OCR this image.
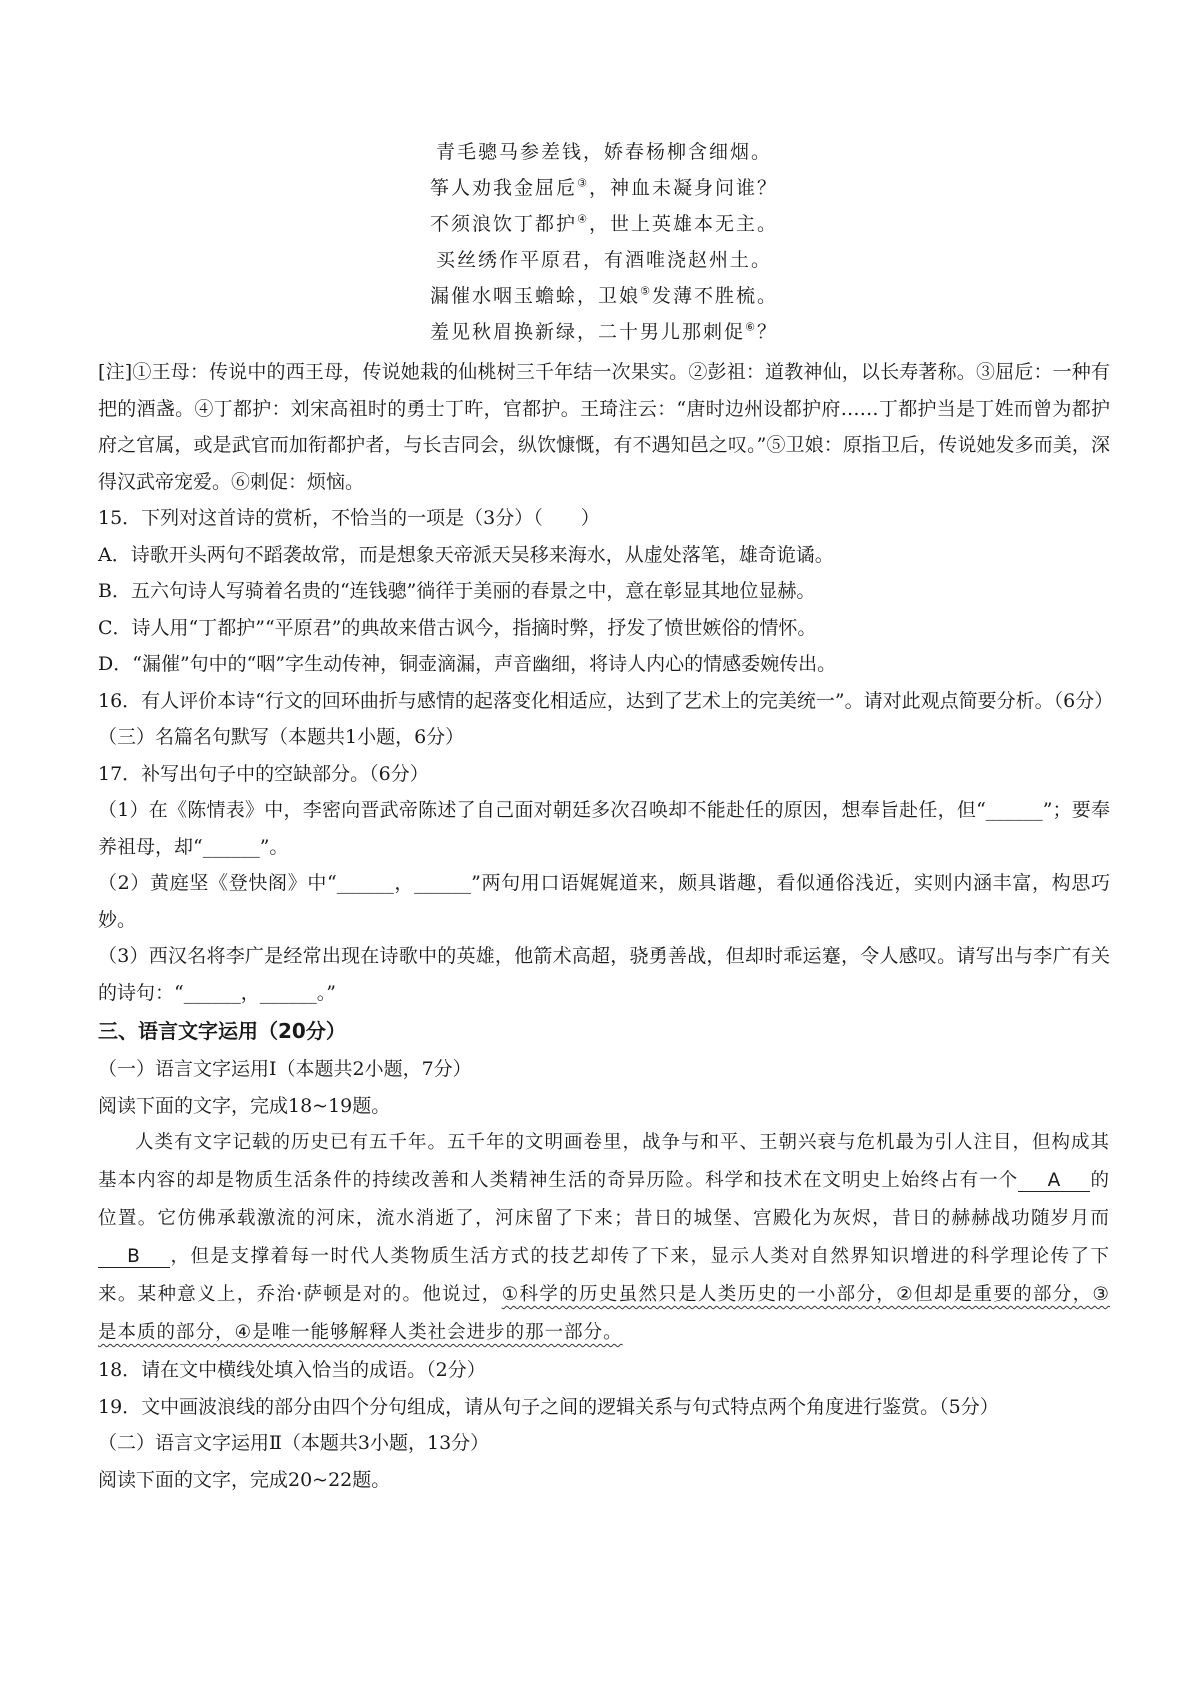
青毛骢马参差钱，娇春杨柳含细烟。
筝人劝我金屈卮③，神血未凝身问谁？
不须浪饮丁都护④，世上英雄本无主。
买丝绣作平原君，有酒唯浇赵州土。
漏催水咽玉蟾蜍，卫娘⑤发薄不胜梳。
羞见秋眉换新绿，二十男儿那刺促⑥？
[注]①王母：传说中的西王母，传说她栽的仙桃树三千年结一次果实。②彭祖：道教神仙，以长寿著称。③屈卮：一种有把的酒盏。④丁都护：刘宋高祖时的勇士丁旿，官都护。王琦注云：“唐时边州设都护府……丁都护当是丁姓而曾为都护府之官属，或是武官而加衔都护者，与长吉同会，纵饮慷慨，有不遇知邑之叹。”⑤卫娘：原指卫后，传说她发多而美，深得汉武帝宠爱。⑥刺促：烦恼。
15．下列对这首诗的赏析，不恰当的一项是（3分）（　　）
A．诗歌开头两句不蹈袭故常，而是想象天帝派天吴移来海水，从虚处落笔，雄奇诡谲。
B．五六句诗人写骑着名贵的“连钱骢”徜徉于美丽的春景之中，意在彰显其地位显赫。
C．诗人用“丁都护”“平原君”的典故来借古讽今，指摘时弊，抒发了愤世嫉俗的情怀。
D．“漏催”句中的“咽”字生动传神，铜壶滴漏，声音幽细，将诗人内心的情感委婉传出。
16．有人评价本诗“行文的回环曲折与感情的起落变化相适应，达到了艺术上的完美统一”。请对此观点简要分析。（6分）
（三）名篇名句默写（本题共1小题，6分）
17．补写出句子中的空缺部分。（6分）
（1）在《陈情表》中，李密向晋武帝陈述了自己面对朝廷多次召唤却不能赴任的原因，想奉旨赴任，但“______”；要奉养祖母，却“______”。
（2）黄庭坚《登快阁》中“______，______”两句用口语娓娓道来，颇具谐趣，看似通俗浅近，实则内涵丰富，构思巧妙。
（3）西汉名将李广是经常出现在诗歌中的英雄，他箭术高超，骁勇善战，但却时乖运蹇，令人感叹。请写出与李广有关的诗句：“______，______。”
三、语言文字运用（20分）
（一）语言文字运用Ⅰ（本题共2小题，7分）
阅读下面的文字，完成18~19题。
人类有文字记载的历史已有五千年。五千年的文明画卷里，战争与和平、王朝兴衰与危机最为引人注目，但构成其基本内容的却是物质生活条件的持续改善和人类精神生活的奇异历险。科学和技术在文明史上始终占有一个 A 的位置。它仿佛承载激流的河床，流水消逝了，河床留了下来；昔日的城堡、宫殿化为灰烬，昔日的赫赫战功随岁月而B ，但是支撑着每一时代人类物质生活方式的技艺却传了下来，显示人类对自然界知识增进的科学理论传了下来。某种意义上，乔治·萨顿是对的。他说过，①科学的历史虽然只是人类历史的一小部分，②但却是重要的部分，③是本质的部分，④是唯一能够解释人类社会进步的那一部分。
18．请在文中横线处填入恰当的成语。（2分）
19．文中画波浪线的部分由四个分句组成，请从句子之间的逻辑关系与句式特点两个角度进行鉴赏。（5分）
（二）语言文字运用Ⅱ（本题共3小题，13分）
阅读下面的文字，完成20~22题。
